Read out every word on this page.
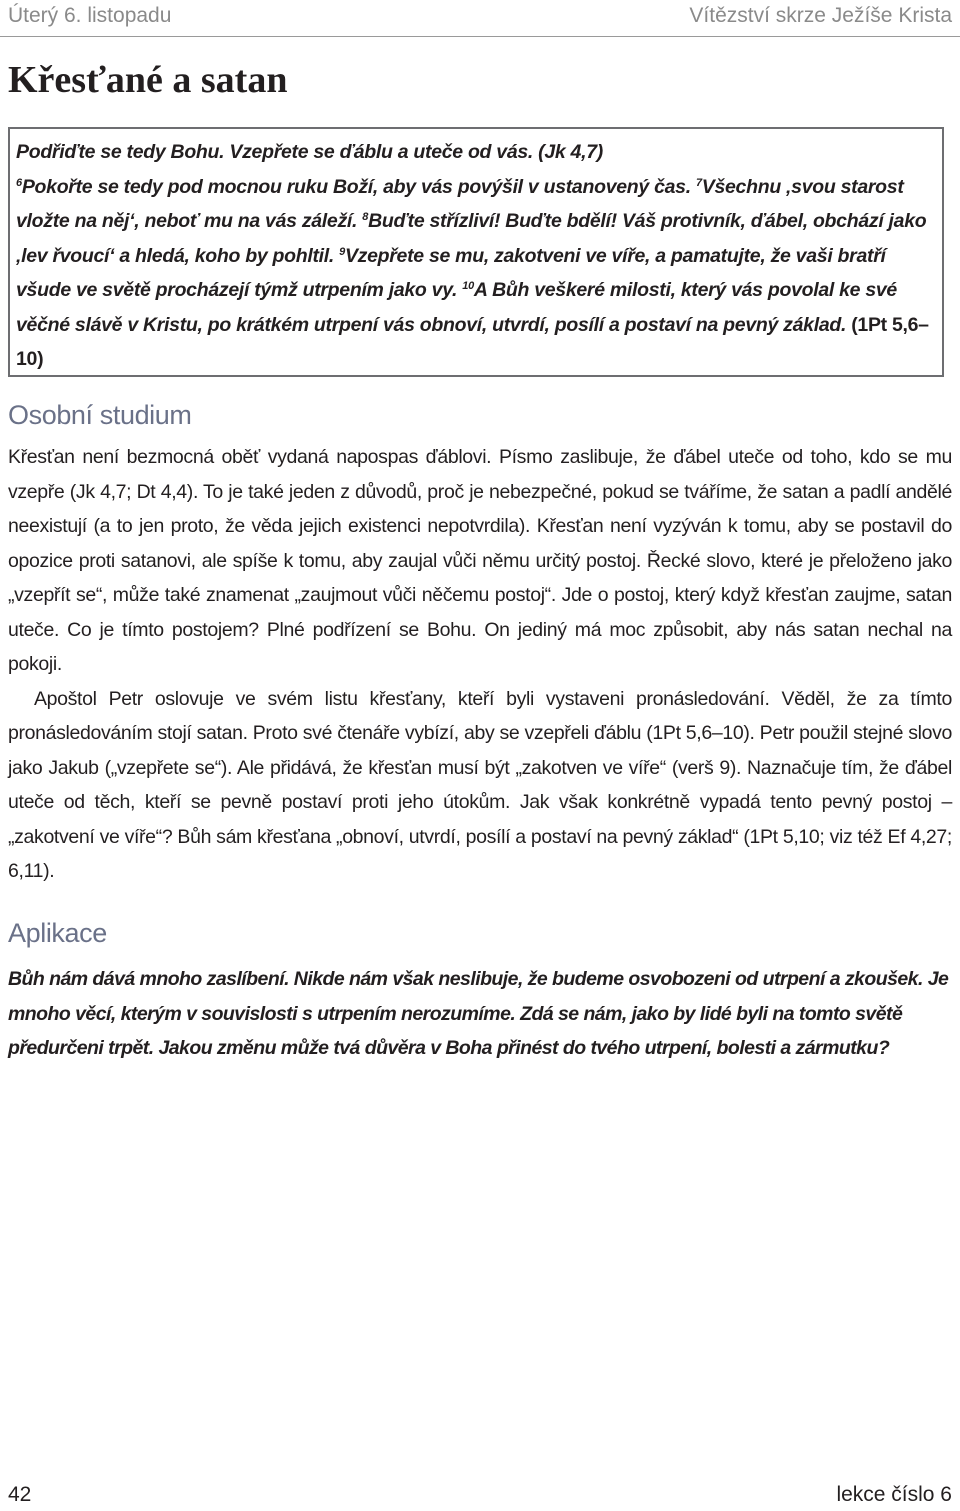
Úterý 6. listopadu	Vítězství skrze Ježíše Krista
Křesťané a satan

Podřiďte se tedy Bohu. Vzepřete se ďáblu a uteče od vás. (Jk 4,7)

$^6$Pokořte se tedy pod mocnou ruku Boží, aby vás povýšil v ustanovený čas. $^7$Všechnu ‚svou starost vložte na něj‘, neboť mu na vás záleží. $^8$Buďte střízliví! Buďte bdělí! Váš protivník, ďábel, obchází jako ‚lev řvoucí‘ a hledá, koho by pohltil. $^9$Vzepřete se mu, zakotveni ve víře, a pamatujte, že vaši bratří všude ve světě procházejí týmž utrpením jako vy. $^{10}$A Bůh veškeré milosti, který vás povolal ke své věčné slávě v Kristu, po krátkém utrpení vás obnoví, utvrdí, posílí a postaví na pevný základ. (1Pt 5,6–10)

Osobní studium

Křesťan není bezmocná oběť vydaná napospas ďáblovi. Písmo zaslibuje, že ďábel uteče od toho, kdo se mu vzepře (Jk 4,7; Dt 4,4). To je také jeden z důvodů, proč je nebezpečné, pokud se tváříme, že satan a padlí andělé neexistují (a to jen proto, že věda jejich existenci nepotvrdila). Křesťan není vyzýván k tomu, aby se postavil do opozice proti satanovi, ale spíše k tomu, aby zaujal vůči němu určitý postoj. Řecké slovo, které je přeloženo jako „vzepřít se“, může také znamenat „zaujmout vůči něčemu postoj“. Jde o postoj, který když křesťan zaujme, satan uteče. Co je tímto postojem? Plné podřízení se Bohu. On jediný má moc způsobit, aby nás satan nechal na pokoji.

Apoštol Petr oslovuje ve svém listu křesťany, kteří byli vystaveni pronásledování. Věděl, že za tímto pronásledováním stojí satan. Proto své čtenáře vybízí, aby se vzepřeli ďáblu (1Pt 5,6–10). Petr použil stejné slovo jako Jakub („vzepřete se“). Ale přidává, že křesťan musí být „zakotven ve víře“ (verš 9). Naznačuje tím, že ďábel uteče od těch, kteří se pevně postaví proti jeho útokům. Jak však konkrétně vypadá tento pevný postoj – „zakotvení ve víře“? Bůh sám křesťana „obnoví, utvrdí, posílí a postaví na pevný základ“ (1Pt 5,10; viz též Ef 4,27; 6,11).

Aplikace

Bůh nám dává mnoho zaslíbení. Nikde nám však neslibuje, že budeme osvobozeni od utrpení a zkoušek. Je mnoho věcí, kterým v souvislosti s utrpením nerozumíme. Zdá se nám, jako by lidé byli na tomto světě předurčeni trpět. Jakou změnu může tvá důvěra v Boha přinést do tvého utrpení, bolesti a zármutku?

42	lekce číslo 6
